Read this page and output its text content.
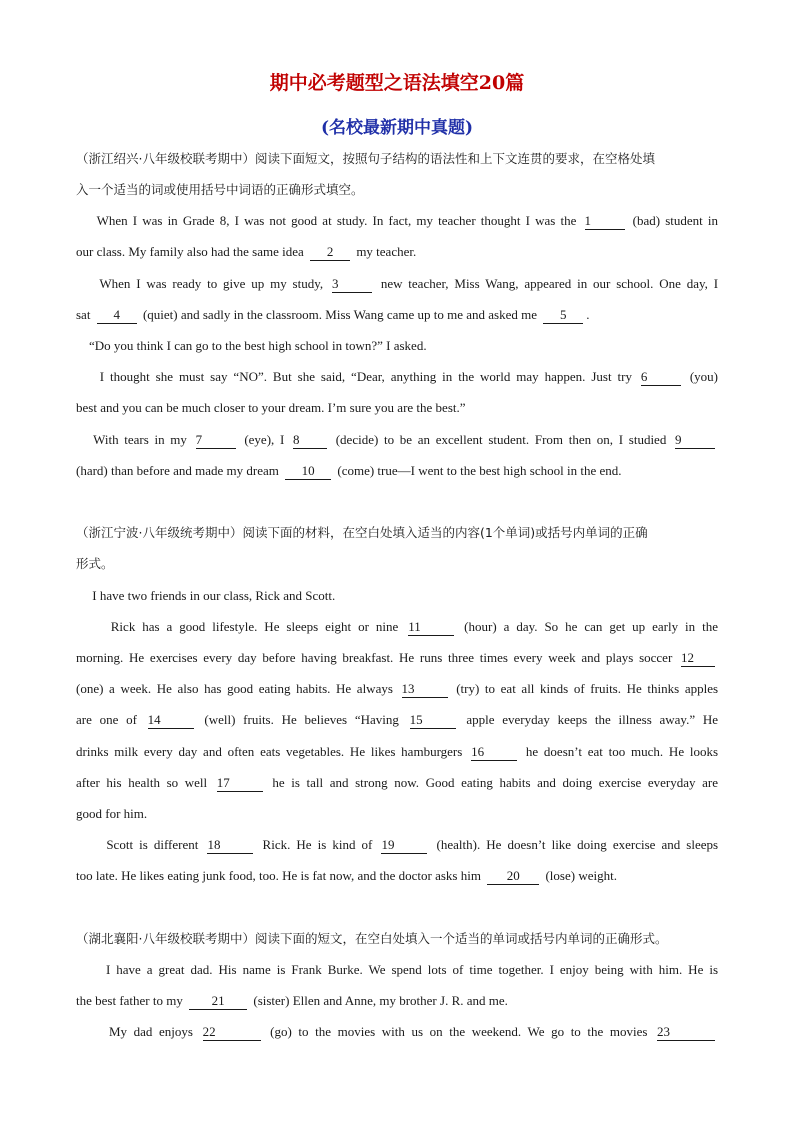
期中必考题型之语法填空20篇
(名校最新期中真题)
（浙江绍兴·八年级校联考期中）阅读下面短文，按照句子结构的语法性和上下文连贯的要求，在空格处填
入一个适当的词或使用括号中词语的正确形式填空。
When I was in Grade 8, I was not good at study. In fact, my teacher thought I was the 1	(bad) student in
our class. My family also had the same idea 2 my teacher.
When I was ready to give up my study, 3	new teacher, Miss Wang, appeared in our school. One day, I
sat 4 (quiet) and sadly in the classroom. Miss Wang came up to me and asked me 5 .
“Do you think I can go to the best high school in town?” I asked.
I thought she must say “NO”. But she said, “Dear, anything in the world may happen. Just try 6	(you)
best and you can be much closer to your dream. I’m sure you are the best.”
With tears in my 7	(eye), I 8	(decide) to be an excellent student. From then on, I studied 9
(hard) than before and made my dream 10 (come) true—I went to the best high school in the end.
（浙江宁波·八年级统考期中）阅读下面的材料，在空白处填入适当的内容(1个单词)或括号内单词的正确
形式。
I have two friends in our class, Rick and Scott.
Rick has a good lifestyle. He sleeps eight or nine 11	(hour) a day. So he can get up early in the
morning. He exercises every day before having breakfast. He runs three times every week and plays soccer 12
(one) a week. He also has good eating habits. He always 13	(try) to eat all kinds of fruits. He thinks apples
are one of 14	(well) fruits. He believes “Having 15	apple everyday keeps the illness away.” He
drinks milk every day and often eats vegetables. He likes hamburgers 16	he doesn’t eat too much. He looks
after his health so well 17	he is tall and strong now. Good eating habits and doing exercise everyday are
good for him.
Scott is different 18	Rick. He is kind of 19	(health). He doesn’t like doing exercise and sleeps
too late. He likes eating junk food, too. He is fat now, and the doctor asks him 20 (lose) weight.
（湖北襄阳·八年级校联考期中）阅读下面的短文，在空白处填入一个适当的单词或括号内单词的正确形式。
I have a great dad. His name is Frank Burke. We spend lots of time together. I enjoy being with him. He is
the best father to my 21 (sister) Ellen and Anne, my brother J. R. and me.
My dad enjoys 22	(go) to the movies with us on the weekend. We go to the movies 23
